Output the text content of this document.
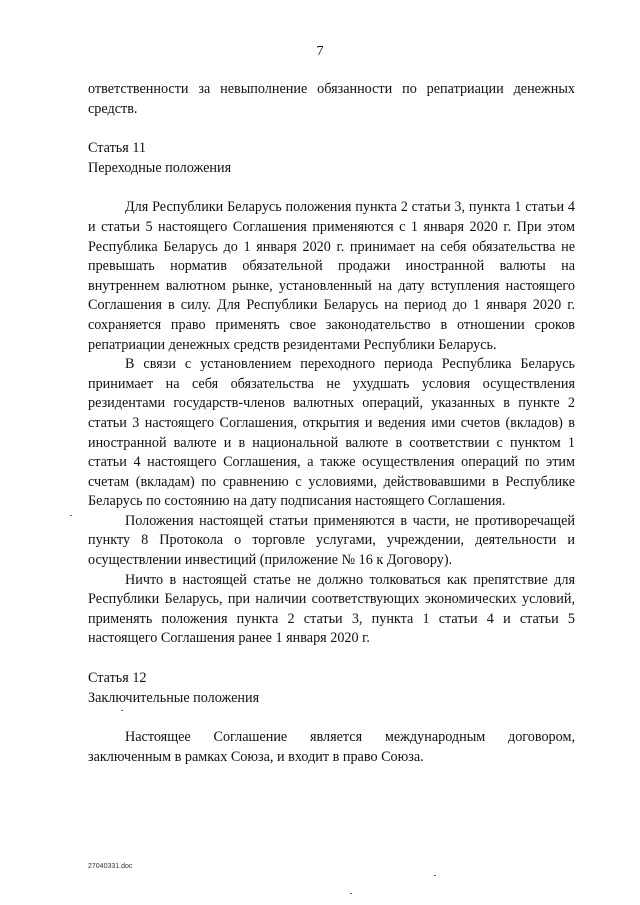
7

ответственности за невыполнение обязанности по репатриации денежных средств.

Статья 11

Переходные положения

Для Республики Беларусь положения пункта 2 статьи 3, пункта 1 статьи 4 и статьи 5 настоящего Соглашения применяются с 1 января 2020 г. При этом Республика Беларусь до 1 января 2020 г. принимает на себя обязательства не превышать норматив обязательной продажи иностранной валюты на внутреннем валютном рынке, установленный на дату вступления настоящего Соглашения в силу. Для Республики Беларусь на период до 1 января 2020 г. сохраняется право применять свое законодательство в отношении сроков репатриации денежных средств резидентами Республики Беларусь.

В связи с установлением переходного периода Республика Беларусь принимает на себя обязательства не ухудшать условия осуществления резидентами государств-членов валютных операций, указанных в пункте 2 статьи 3 настоящего Соглашения, открытия и ведения ими счетов (вкладов) в иностранной валюте и в национальной валюте в соответствии с пунктом 1 статьи 4 настоящего Соглашения, а также осуществления операций по этим счетам (вкладам) по сравнению с условиями, действовавшими в Республике Беларусь по состоянию на дату подписания настоящего Соглашения.

Положения настоящей статьи применяются в части, не противоречащей пункту 8 Протокола о торговле услугами, учреждении, деятельности и осуществлении инвестиций (приложение № 16 к Договору).

Ничто в настоящей статье не должно толковаться как препятствие для Республики Беларусь, при наличии соответствующих экономических условий, применять положения пункта 2 статьи 3, пункта 1 статьи 4 и статьи 5 настоящего Соглашения ранее 1 января 2020 г.

Статья 12

Заключительные положения

Настоящее Соглашение является международным договором, заключенным в рамках Союза, и входит в право Союза.

27040331.doc
